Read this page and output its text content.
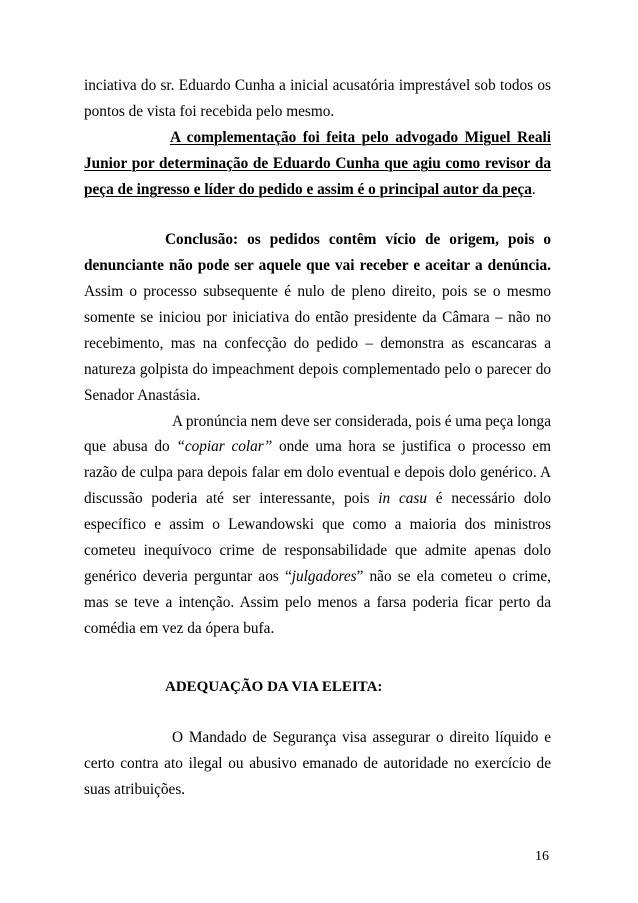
inciativa do sr. Eduardo Cunha a inicial acusatória imprestável sob todos os
pontos de vista foi recebida pelo mesmo.
A complementação foi feita pelo advogado Miguel Reali
Junior por determinação de Eduardo Cunha que agiu como revisor da
peça de ingresso e líder do pedido e assim é o principal autor da peça.
Conclusão: os pedidos contêm vício de origem, pois o
denunciante não pode ser aquele que vai receber e aceitar a denúncia.
Assim o processo subsequente é nulo de pleno direito, pois se o mesmo
somente se iniciou por iniciativa do então presidente da Câmara – não no
recebimento, mas na confecção do pedido – demonstra as escancaras a
natureza golpista do impeachment depois complementado pelo o parecer do
Senador Anastásia.
A pronúncia nem deve ser considerada, pois é uma peça longa
que abusa do “copiar colar” onde uma hora se justifica o processo em
razão de culpa para depois falar em dolo eventual e depois dolo genérico. A
discussão poderia até ser interessante, pois in casu é necessário dolo
específico e assim o Lewandowski que como a maioria dos ministros
cometeu inequívoco crime de responsabilidade que admite apenas dolo
genérico deveria perguntar aos “julgadores” não se ela cometeu o crime,
mas se teve a intenção. Assim pelo menos a farsa poderia ficar perto da
comédia em vez da ópera bufa.
ADEQUAÇÃO DA VIA ELEITA:
O Mandado de Segurança visa assegurar o direito líquido e
certo contra ato ilegal ou abusivo emanado de autoridade no exercício de
suas atribuições.
16
